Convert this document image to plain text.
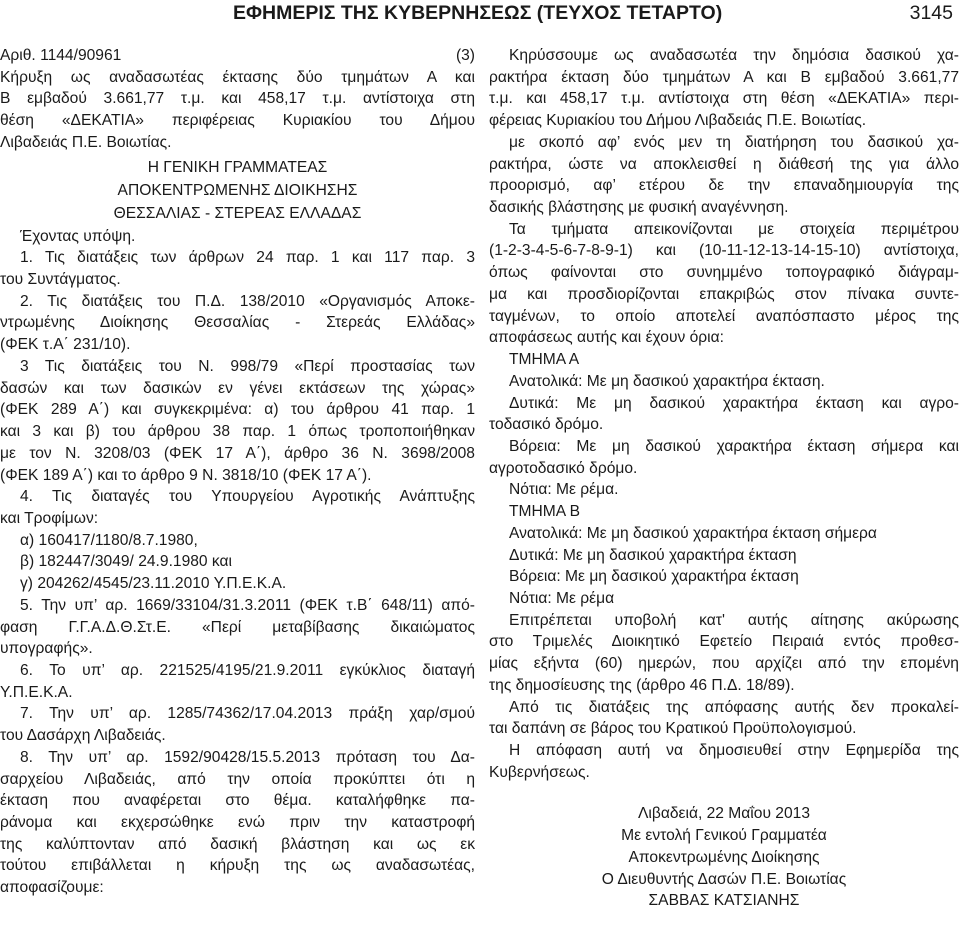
ΕΦΗΜΕΡΙΣ ΤΗΣ ΚΥΒΕΡΝΗΣΕΩΣ (ΤΕΥΧΟΣ ΤΕΤΑΡΤΟ)	3145
Αριθ. 1144/90961	(3)
Κήρυξη ως αναδασωτέας έκτασης δύο τμημάτων Α και
Β εμβαδού 3.661,77 τ.μ. και 458,17 τ.μ. αντίστοιχα στη
θέση «ΔΕΚΑΤΙΑ» περιφέρειας Κυριακίου του Δήμου
Λιβαδειάς Π.Ε. Βοιωτίας.
Η ΓΕΝΙΚΗ ΓΡΑΜΜΑΤΕΑΣ
ΑΠΟΚΕΝΤΡΩΜΕΝΗΣ ΔΙΟΙΚΗΣΗΣ
ΘΕΣΣΑΛΙΑΣ - ΣΤΕΡΕΑΣ ΕΛΛΑΔΑΣ
Έχοντας υπόψη.
1. Τις διατάξεις των άρθρων 24 παρ. 1 και 117 παρ. 3
του Συντάγματος.
2. Τις διατάξεις του Π.Δ. 138/2010 «Οργανισμός Αποκε-
ντρωμένης Διοίκησης Θεσσαλίας - Στερεάς Ελλάδας»
(ΦΕΚ τ.Α΄ 231/10).
3 Τις διατάξεις του Ν. 998/79 «Περί προστασίας των
δασών και των δασικών εν γένει εκτάσεων της χώρας»
(ΦΕΚ 289 Α΄) και συγκεκριμένα: α) του άρθρου 41 παρ. 1
και 3 και β) του άρθρου 38 παρ. 1 όπως τροποποιήθηκαν
με τον Ν. 3208/03 (ΦΕΚ 17 Α΄), άρθρο 36 Ν. 3698/2008
(ΦΕΚ 189 Α΄) και το άρθρο 9 Ν. 3818/10 (ΦΕΚ 17 Α΄).
4. Τις διαταγές του Υπουργείου Αγροτικής Ανάπτυξης
και Τροφίμων:
α) 160417/1180/8.7.1980,
β) 182447/3049/ 24.9.1980 και
γ) 204262/4545/23.11.2010 Υ.Π.Ε.Κ.Α.
5. Την υπ’ αρ. 1669/33104/31.3.2011 (ΦΕΚ τ.Β΄ 648/11) από-
φαση Γ.Γ.Α.Δ.Θ.Στ.Ε. «Περί μεταβίβασης δικαιώματος
υπογραφής».
6. Το υπ’ αρ. 221525/4195/21.9.2011 εγκύκλιος διαταγή
Υ.Π.Ε.Κ.Α.
7. Την υπ’ αρ. 1285/74362/17.04.2013 πράξη χαρ/σμού
του Δασάρχη Λιβαδειάς.
8. Την υπ’ αρ. 1592/90428/15.5.2013 πρόταση του Δα-
σαρχείου Λιβαδειάς, από την οποία προκύπτει ότι η
έκταση που αναφέρεται στο θέμα. καταλήφθηκε πα-
ράνομα και εκχερσώθηκε ενώ πριν την καταστροφή
της καλύπτονταν από δασική βλάστηση και ως εκ
τούτου επιβάλλεται η κήρυξη της ως αναδασωτέας,
αποφασίζουμε:
Κηρύσσουμε ως αναδασωτέα την δημόσια δασικού χα-
ρακτήρα έκταση δύο τμημάτων Α και Β εμβαδού 3.661,77
τ.μ. και 458,17 τ.μ. αντίστοιχα στη θέση «ΔΕΚΑΤΙΑ» περι-
φέρειας Κυριακίου του Δήμου Λιβαδειάς Π.Ε. Βοιωτίας.
με σκοπό αφ’ ενός μεν τη διατήρηση του δασικού χα-
ρακτήρα, ώστε να αποκλεισθεί η διάθεσή της για άλλο
προορισμό, αφ’ ετέρου δε την επαναδημιουργία της
δασικής βλάστησης με φυσική αναγέννηση.
Τα τμήματα απεικονίζονται με στοιχεία περιμέτρου
(1-2-3-4-5-6-7-8-9-1) και (10-11-12-13-14-15-10) αντίστοιχα,
όπως φαίνονται στο συνημμένο τοπογραφικό διάγραμ-
μα και προσδιορίζονται επακριβώς στον πίνακα συντε-
ταγμένων, το οποίο αποτελεί αναπόσπαστο μέρος της
αποφάσεως αυτής και έχουν όρια:
ΤΜΗΜΑ Α
Ανατολικά: Με μη δασικού χαρακτήρα έκταση.
Δυτικά: Με μη δασικού χαρακτήρα έκταση και αγρο-
τοδασικό δρόμο.
Βόρεια: Με μη δασικού χαρακτήρα έκταση σήμερα και
αγροτοδασικό δρόμο.
Νότια: Με ρέμα.
ΤΜΗΜΑ Β
Ανατολικά: Με μη δασικού χαρακτήρα έκταση σήμερα
Δυτικά: Με μη δασικού χαρακτήρα έκταση
Βόρεια: Με μη δασικού χαρακτήρα έκταση
Νότια: Με ρέμα
Επιτρέπεται υποβολή κατ' αυτής αίτησης ακύρωσης
στο Τριμελές Διοικητικό Εφετείο Πειραιά εντός προθεσ-
μίας εξήντα (60) ημερών, που αρχίζει από την επομένη
της δημοσίευσης της (άρθρο 46 Π.Δ. 18/89).
Από τις διατάξεις της απόφασης αυτής δεν προκαλεί-
ται δαπάνη σε βάρος του Κρατικού Προϋπολογισμού.
Η απόφαση αυτή να δημοσιευθεί στην Εφημερίδα της
Κυβερνήσεως.
Λιβαδειά, 22 Μαΐου 2013
Με εντολή Γενικού Γραμματέα
Αποκεντρωμένης Διοίκησης
Ο Διευθυντής Δασών Π.Ε. Βοιωτίας
ΣΑΒΒΑΣ ΚΑΤΣΙΑΝΗΣ
